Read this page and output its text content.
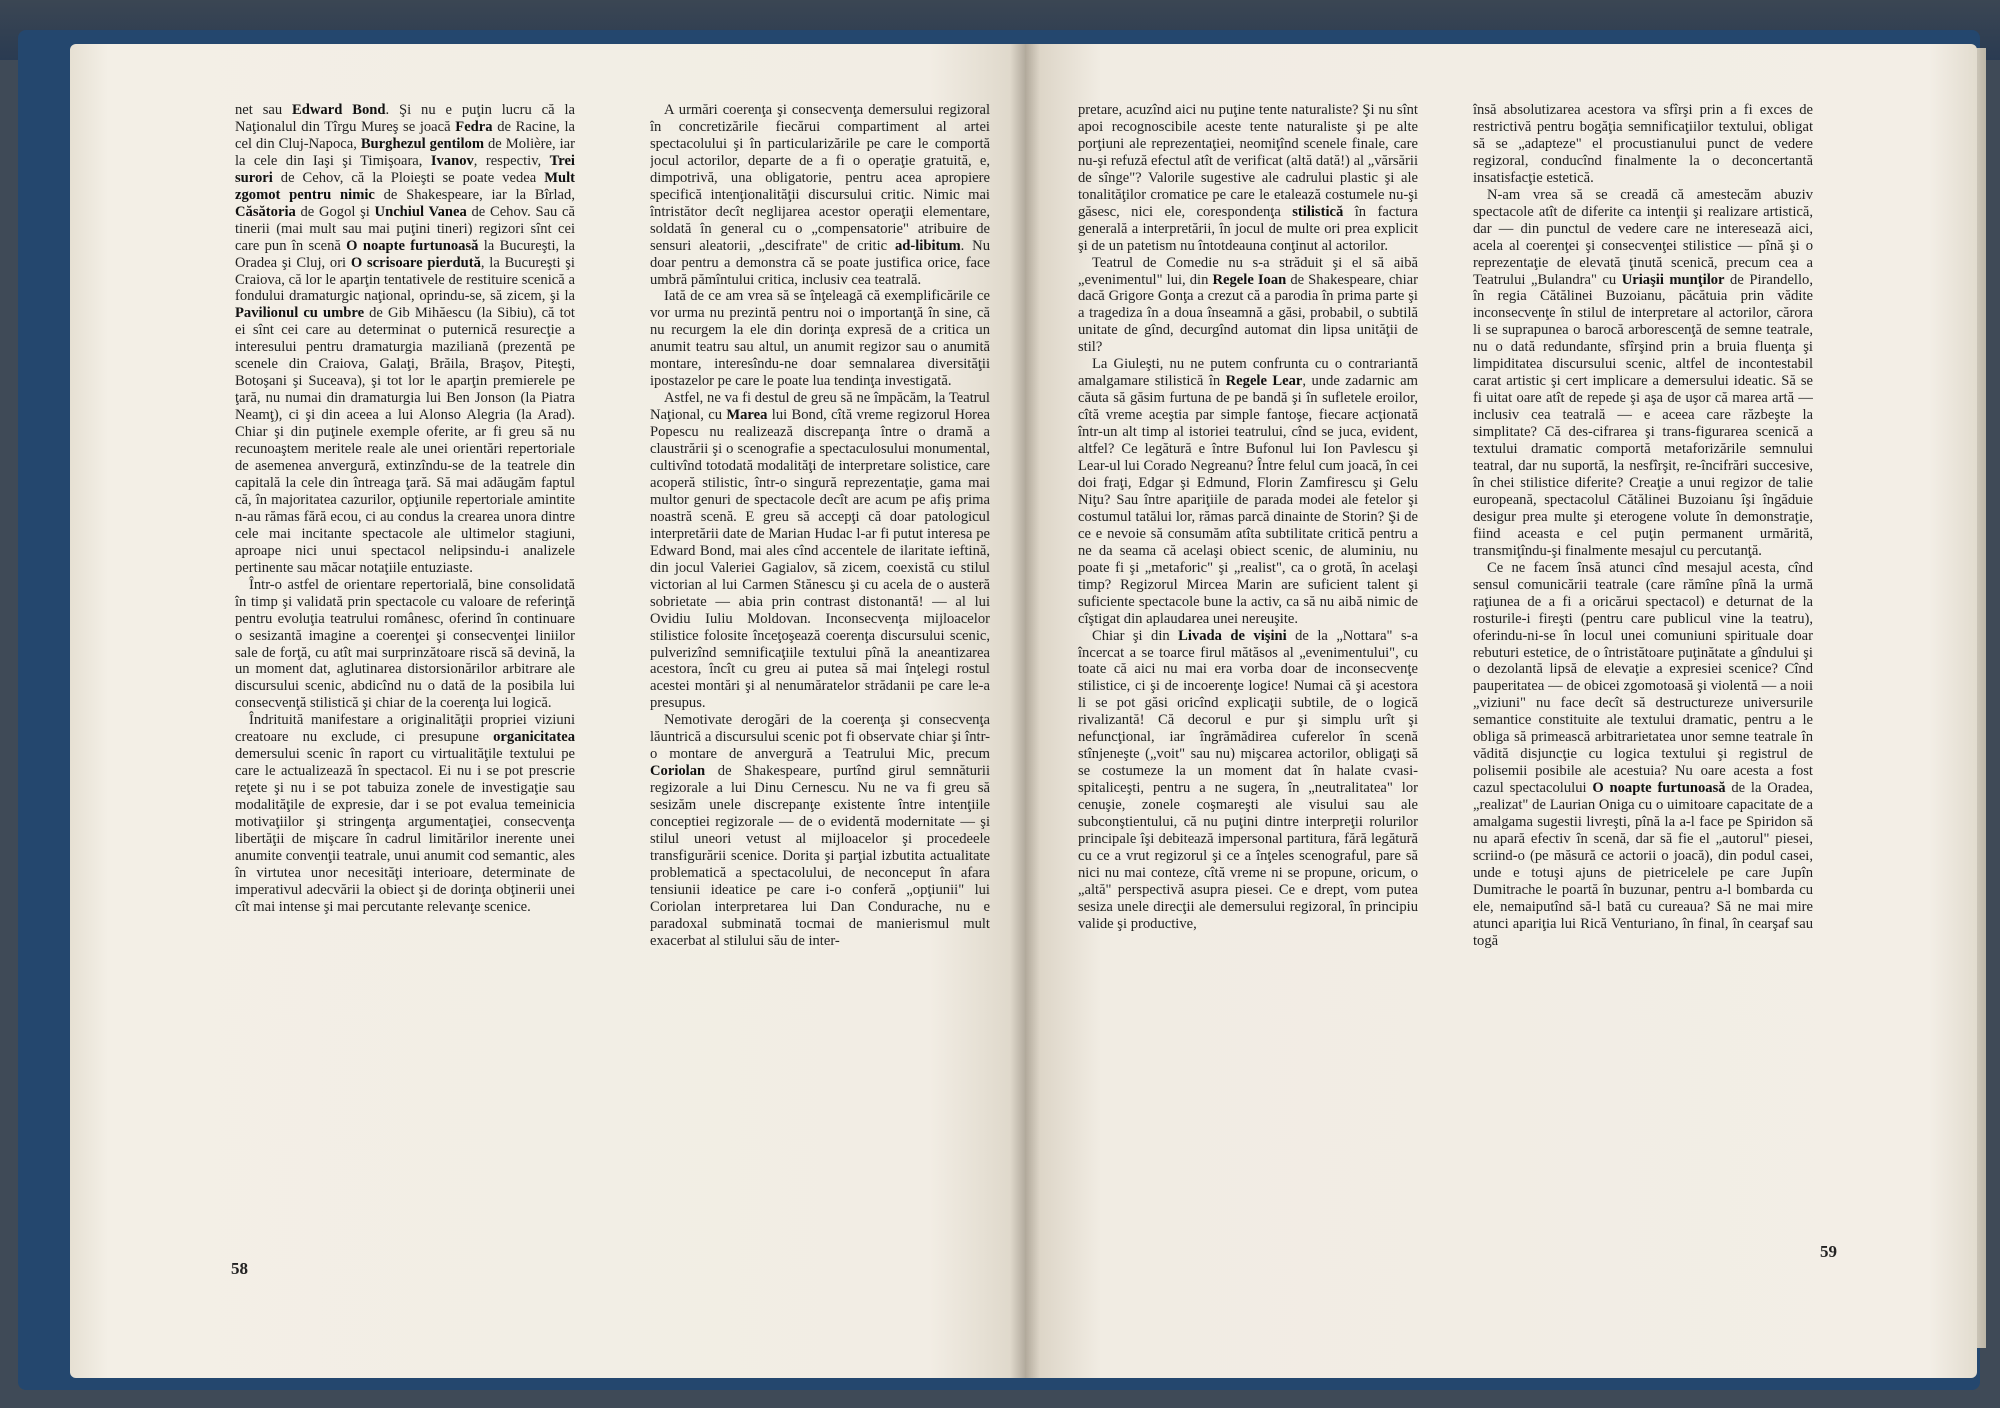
net sau Edward Bond. Şi nu e puţin lucru că la Naţionalul din Tîrgu Mureş se joacă Fedra de Racine, la cel din Cluj-Napoca, Burghezul gentilom de Molière, iar la cele din Iaşi şi Timişoara, Ivanov, respectiv, Trei surori de Cehov, că la Ploieşti se poate vedea Mult zgomot pentru nimic de Shakespeare, iar la Bîrlad, Căsătoria de Gogol şi Unchiul Vanea de Cehov. Sau că tinerii (mai mult sau mai puţini tineri) regizori sînt cei care pun în scenă O noapte furtunoasă la Bucureşti, la Oradea şi Cluj, ori O scrisoare pierdută, la Bucureşti şi Craiova, că lor le aparţin tentativele de restituire scenică a fondului dramaturgic naţional, oprindu-se, să zicem, şi la Pavilionul cu umbre de Gib Mihăescu (la Sibiu), că tot ei sînt cei care au determinat o puternică resurecţie a interesului pentru dramaturgia maziliană (prezentă pe scenele din Craiova, Galaţi, Brăila, Braşov, Piteşti, Botoşani şi Suceava), şi tot lor le aparţin premierele pe ţară, nu numai din dramaturgia lui Ben Jonson (la Piatra Neamţ), ci şi din aceea a lui Alonso Alegria (la Arad). Chiar şi din puţinele exemple oferite, ar fi greu să nu recunoaştem meritele reale ale unei orientări repertoriale de asemenea anvergură, extinzîndu-se de la teatrele din capitală la cele din întreaga ţară. Să mai adăugăm faptul că, în majoritatea cazurilor, opţiunile repertoriale amintite n-au rămas fără ecou, ci au condus la crearea unora dintre cele mai incitante spectacole ale ultimelor stagiuni, aproape nici unui spectacol nelipsindu-i analizele pertinente sau măcar notaţiile entuziaste.

Într-o astfel de orientare repertorială, bine consolidată în timp şi validată prin spectacole cu valoare de referinţă pentru evoluţia teatrului românesc, oferind în continuare o sesizantă imagine a coerenţei şi consecvenţei liniilor sale de forţă, cu atît mai surprinzătoare riscă să devină, la un moment dat, aglutinarea distorsionărilor arbitrare ale discursului scenic, abdicînd nu o dată de la posibila lui consecvenţă stilistică şi chiar de la coerenţa lui logică.

Îndrituită manifestare a originalităţii propriei viziuni creatoare nu exclude, ci presupune organicitatea demersului scenic în raport cu virtualităţile textului pe care le actualizează în spectacol. Ei nu i se pot prescrie reţete şi nu i se pot tabuiza zonele de investigaţie sau modalităţile de expresie, dar i se pot evalua temeinicia motivaţiilor şi stringenţa argumentaţiei, consecvenţa libertăţii de mişcare în cadrul limitărilor inerente unei anumite convenţii teatrale, unui anumit cod semantic, ales în virtutea unor necesităţi interioare, determinate de imperativul adecvării la obiect şi de dorinţa obţinerii unei cît mai intense şi mai percutante relevanţe scenice.

A urmări coerenţa şi consecvenţa demersului regizoral în concretizările fiecărui compartiment al artei spectacolului şi în particularizările pe care le comportă jocul actorilor, departe de a fi o operaţie gratuită, e, dimpotrivă, una obligatorie, pentru acea apropiere specifică intenţionalităţii discursului critic. Nimic mai întristător decît neglijarea acestor operaţii elementare, soldată în general cu o „compensatorie" atribuire de sensuri aleatorii, „descifrate" de critic ad-libitum. Nu doar pentru a demonstra că se poate justifica orice, face umbră pămîntului critica, inclusiv cea teatrală.

Iată de ce am vrea să se înţeleagă că exemplificările ce vor urma nu prezintă pentru noi o importanţă în sine, că nu recurgem la ele din dorinţa expresă de a critica un anumit teatru sau altul, un anumit regizor sau o anumită montare, interesîndu-ne doar semnalarea diversităţii ipostazelor pe care le poate lua tendinţa investigată.

Astfel, ne va fi destul de greu să ne împăcăm, la Teatrul Naţional, cu Marea lui Bond, cîtă vreme regizorul Horea Popescu nu realizează discrepanţa între o dramă a claustrării şi o scenografie a spectaculosului monumental, cultivînd totodată modalităţi de interpretare solistice, care acoperă stilistic, într-o singură reprezentaţie, gama mai multor genuri de spectacole decît are acum pe afiş prima noastră scenă. E greu să accepţi că doar patologicul interpretării date de Marian Hudac l-ar fi putut interesa pe Edward Bond, mai ales cînd accentele de ilaritate ieftină, din jocul Valeriei Gagialov, să zicem, coexistă cu stilul victorian al lui Carmen Stănescu şi cu acela de o austeră sobrietate — abia prin contrast distonantă! — al lui Ovidiu Iuliu Moldovan. Inconsecvenţa mijloacelor stilistice folosite înceţoşează coerenţa discursului scenic, pulverizînd semnificaţiile textului pînă la aneantizarea acestora, încît cu greu ai putea să mai înţelegi rostul acestei montări şi al nenumăratelor strădanii pe care le-a presupus.

Nemotivate derogări de la coerenţa şi consecvenţa lăuntrică a discursului scenic pot fi observate chiar şi într-o montare de anvergură a Teatrului Mic, precum Coriolan de Shakespeare, purtînd girul semnăturii regizorale a lui Dinu Cernescu. Nu ne va fi greu să sesizăm unele discrepanţe existente între intenţiile conceptiei regizorale — de o evidentă modernitate — şi stilul uneori vetust al mijloacelor şi procedeele transfigurării scenice. Dorita şi parţial izbutita actualitate problematică a spectacolului, de neconceput în afara tensiunii ideatice pe care i-o conferă „opţiunii" lui Coriolan interpretarea lui Dan Condurache, nu e paradoxal subminată tocmai de manierismul mult exacerbat al stilului său de inter-

58

pretare, acuzînd aici nu puţine tente naturaliste? Şi nu sînt apoi recognoscibile aceste tente naturaliste şi pe alte porţiuni ale reprezentaţiei, neomiţînd scenele finale, care nu-şi refuză efectul atît de verificat (altă dată!) al „vărsării de sînge"? Valorile sugestive ale cadrului plastic şi ale tonalităţilor cromatice pe care le etalează costumele nu-şi găsesc, nici ele, corespondenţa stilistică în factura generală a interpretării, în jocul de multe ori prea explicit şi de un patetism nu întotdeauna conţinut al actorilor.

Teatrul de Comedie nu s-a străduit şi el să aibă „evenimentul" lui, din Regele Ioan de Shakespeare, chiar dacă Grigore Gonţa a crezut că a parodia în prima parte şi a tragediza în a doua înseamnă a găsi, probabil, o subtilă unitate de gînd, decurgînd automat din lipsa unităţii de stil?

La Giuleşti, nu ne putem confrunta cu o contrariantă amalgamare stilistică în Regele Lear, unde zadarnic am căuta să găsim furtuna de pe bandă şi în sufletele eroilor, cîtă vreme aceştia par simple fantoşe, fiecare acţionată într-un alt timp al istoriei teatrului, cînd se juca, evident, altfel? Ce legătură e între Bufonul lui Ion Pavlescu şi Lear-ul lui Corado Negreanu? Între felul cum joacă, în cei doi fraţi, Edgar şi Edmund, Florin Zamfirescu şi Gelu Niţu? Sau între apariţiile de parada modei ale fetelor şi costumul tatălui lor, rămas parcă dinainte de Storin? Şi de ce e nevoie să consumăm atîta subtilitate critică pentru a ne da seama că acelaşi obiect scenic, de aluminiu, nu poate fi şi „metaforic" şi „realist", ca o grotă, în acelaşi timp? Regizorul Mircea Marin are suficient talent şi suficiente spectacole bune la activ, ca să nu aibă nimic de cîştigat din aplaudarea unei nereuşite.

Chiar şi din Livada de vişini de la „Nottara" s-a încercat a se toarce firul mătăsos al „evenimentului", cu toate că aici nu mai era vorba doar de inconsecvenţe stilistice, ci şi de incoerenţe logice! Numai că şi acestora li se pot găsi oricînd explicaţii subtile, de o logică rivalizantă! Că decorul e pur şi simplu urît şi nefuncţional, iar îngrămădirea cuferelor în scenă stînjeneşte („voit" sau nu) mişcarea actorilor, obligaţi să se costumeze la un moment dat în halate cvasi-spitaliceşti, pentru a ne sugera, în „neutralitatea" lor cenuşie, zonele coşmareşti ale visului sau ale subconştientului, că nu puţini dintre interpreţii rolurilor principale îşi debitează impersonal partitura, fără legătură cu ce a vrut regizorul şi ce a înţeles scenograful, pare să nici nu mai conteze, cîtă vreme ni se propune, oricum, o „altă" perspectivă asupra piesei. Ce e drept, vom putea sesiza unele direcţii ale demersului regizoral, în principiu valide şi productive,

însă absolutizarea acestora va sfîrşi prin a fi exces de restrictivă pentru bogăţia semnificaţiilor textului, obligat să se „adapteze" el procustianului punct de vedere regizoral, conducînd finalmente la o deconcertantă insatisfacţie estetică.

N-am vrea să se creadă că amestecăm abuziv spectacole atît de diferite ca intenţii şi realizare artistică, dar — din punctul de vedere care ne interesează aici, acela al coerenţei şi consecvenţei stilistice — pînă şi o reprezentaţie de elevată ţinută scenică, precum cea a Teatrului „Bulandra" cu Uriaşii munţilor de Pirandello, în regia Cătălinei Buzoianu, păcătuia prin vădite inconsecvenţe în stilul de interpretare al actorilor, cărora li se suprapunea o barocă arborescenţă de semne teatrale, nu o dată redundante, sfîrşind prin a bruia fluenţa şi limpiditatea discursului scenic, altfel de incontestabil carat artistic şi cert implicare a demersului ideatic. Să se fi uitat oare atît de repede şi aşa de uşor că marea artă — inclusiv cea teatrală — e aceea care răzbeşte la simplitate? Că des-cifrarea şi trans-figurarea scenică a textului dramatic comportă metaforizările semnului teatral, dar nu suportă, la nesfîrşit, re-încifrări succesive, în chei stilistice diferite? Creaţie a unui regizor de talie europeană, spectacolul Cătălinei Buzoianu îşi îngăduie desigur prea multe şi eterogene volute în demonstraţie, fiind aceasta e cel puţin permanent urmărită, transmiţîndu-şi finalmente mesajul cu percutanţă.

Ce ne facem însă atunci cînd mesajul acesta, cînd sensul comunicării teatrale (care rămîne pînă la urmă raţiunea de a fi a oricărui spectacol) e deturnat de la rosturile-i fireşti (pentru care publicul vine la teatru), oferindu-ni-se în locul unei comuniuni spirituale doar rebuturi estetice, de o întristătoare puţinătate a gîndului şi o dezolantă lipsă de elevaţie a expresiei scenice? Cînd pauperitatea — de obicei zgomotoasă şi violentă — a noii „viziuni" nu face decît să destructureze universurile semantice constituite ale textului dramatic, pentru a le obliga să primească arbitrarietatea unor semne teatrale în vădită disjuncţie cu logica textului şi registrul de polisemii posibile ale acestuia? Nu oare acesta a fost cazul spectacolului O noapte furtunoasă de la Oradea, „realizat" de Laurian Oniga cu o uimitoare capacitate de a amalgama sugestii livreşti, pînă la a-l face pe Spiridon să nu apară efectiv în scenă, dar să fie el „autorul" piesei, scriind-o (pe măsură ce actorii o joacă), din podul casei, unde e totuşi ajuns de pietricelele pe care Jupîn Dumitrache le poartă în buzunar, pentru a-l bombarda cu ele, nemaiputînd să-l bată cu cureaua? Să ne mai mire atunci apariţia lui Rică Venturiano, în final, în cearşaf sau togă

59
